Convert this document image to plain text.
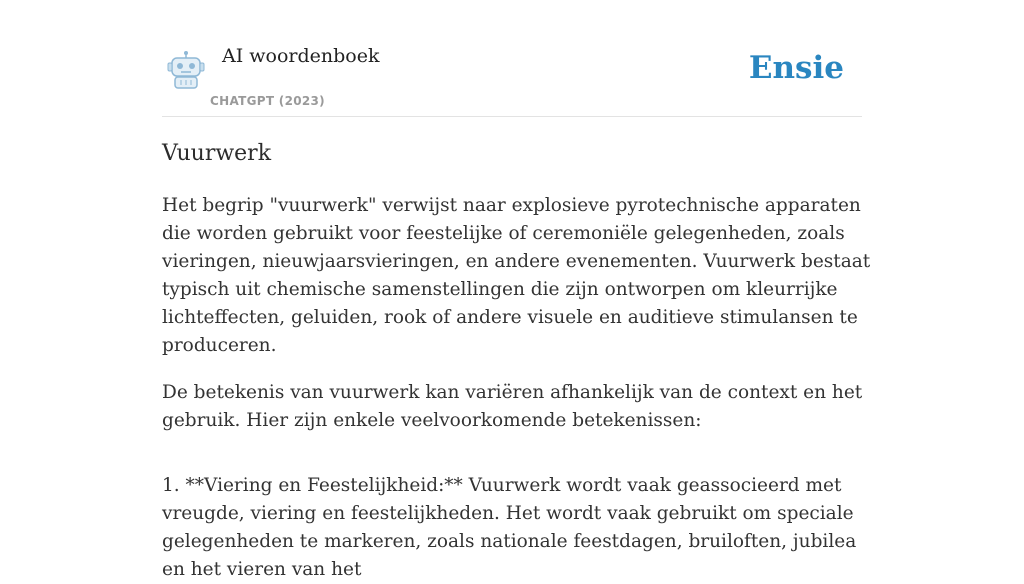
AI woordenboek
CHATGPT (2023)
Ensie
Vuurwerk

Het begrip "vuurwerk" verwijst naar explosieve pyrotechnische apparaten die worden gebruikt voor feestelijke of ceremoniële gelegenheden, zoals vieringen, nieuwjaarsvieringen, en andere evenementen. Vuurwerk bestaat typisch uit chemische samenstellingen die zijn ontworpen om kleurrijke lichteffecten, geluiden, rook of andere visuele en auditieve stimulansen te produceren.

De betekenis van vuurwerk kan variëren afhankelijk van de context en het gebruik. Hier zijn enkele veelvoorkomende betekenissen:

1. **Viering en Feestelijkheid:** Vuurwerk wordt vaak geassocieerd met vreugde, viering en feestelijkheden. Het wordt vaak gebruikt om speciale gelegenheden te markeren, zoals nationale feestdagen, bruiloften, jubilea en het vieren van het
